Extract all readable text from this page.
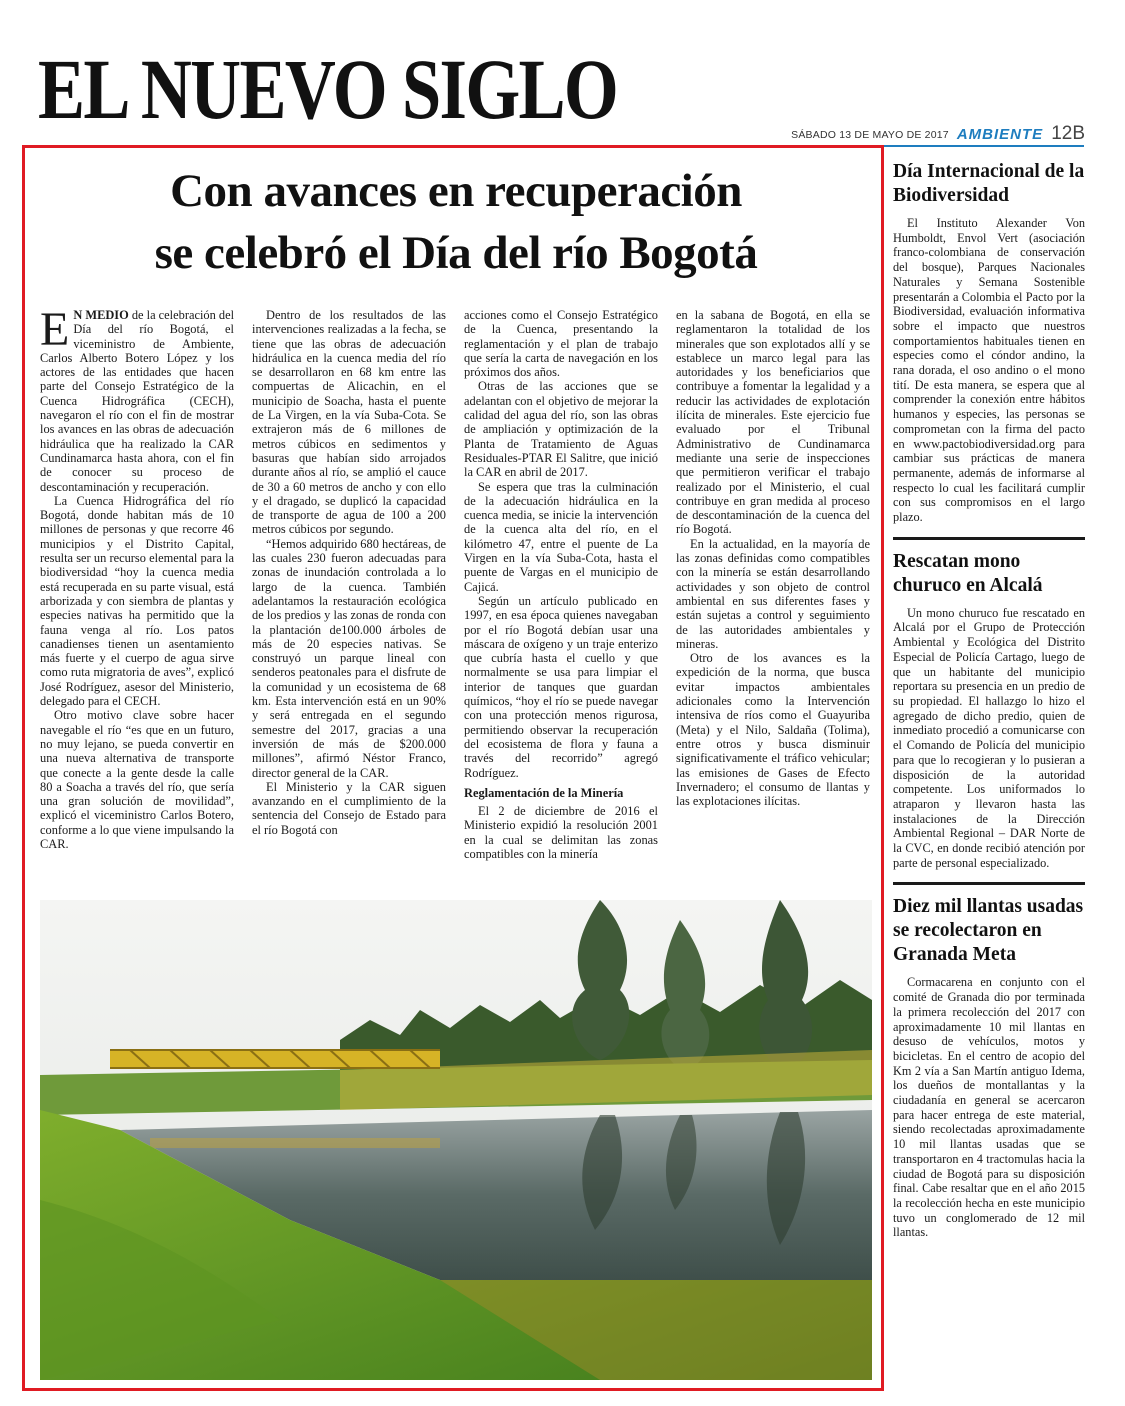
EL NUEVO SIGLO	SÁBADO 13 DE MAYO DE 2017 AMBIENTE 12B
Con avances en recuperación
se celebró el Día del río Bogotá

E N MEDIO de la celebración del Día del río Bogotá, el viceministro de Ambiente, Carlos Alberto Botero López y los actores de las entidades que hacen parte del Consejo Estratégico de la Cuenca Hidrográfica (CECH), navegaron el río con el fin de mostrar los avances en las obras de adecuación hidráulica que ha realizado la CAR Cundinamarca hasta ahora, con el fin de conocer su proceso de descontaminación y recuperación.

La Cuenca Hidrográfica del río Bogotá, donde habitan más de 10 millones de personas y que recorre 46 municipios y el Distrito Capital, resulta ser un recurso elemental para la biodiversidad “hoy la cuenca media está recuperada en su parte visual, está arborizada y con siembra de plantas y especies nativas ha permitido que la fauna venga al río. Los patos canadienses tienen un asentamiento más fuerte y el cuerpo de agua sirve como ruta migratoria de aves”, explicó José Rodríguez, asesor del Ministerio, delegado para el CECH.

Otro motivo clave sobre hacer navegable el río “es que en un futuro, no muy lejano, se pueda convertir en una nueva alternativa de transporte que conecte a la gente desde la calle 80 a Soacha a través del río, que sería una gran solución de movilidad”, explicó el viceministro Carlos Botero, conforme a lo que viene impulsando la CAR.

Dentro de los resultados de las intervenciones realizadas a la fecha, se tiene que las obras de adecuación hidráulica en la cuenca media del río se desarrollaron en 68 km entre las compuertas de Alicachin, en el municipio de Soacha, hasta el puente de La Virgen, en la vía Suba-Cota. Se extrajeron más de 6 millones de metros cúbicos en sedimentos y basuras que habían sido arrojados durante años al río, se amplió el cauce de 30 a 60 metros de ancho y con ello y el dragado, se duplicó la capacidad de transporte de agua de 100 a 200 metros cúbicos por segundo.

“Hemos adquirido 680 hectáreas, de las cuales 230 fueron adecuadas para zonas de inundación controlada a lo largo de la cuenca. También adelantamos la restauración ecológica de los predios y las zonas de ronda con la plantación de100.000 árboles de más de 20 especies nativas. Se construyó un parque lineal con senderos peatonales para el disfrute de la comunidad y un ecosistema de 68 km. Esta intervención está en un 90% y será entregada en el segundo semestre del 2017, gracias a una inversión de más de $200.000 millones”, afirmó Néstor Franco, director general de la CAR.

El Ministerio y la CAR siguen avanzando en el cumplimiento de la sentencia del Consejo de Estado para el río Bogotá con

acciones como el Consejo Estratégico de la Cuenca, presentando la reglamentación y el plan de trabajo que sería la carta de navegación en los próximos dos años.

Otras de las acciones que se adelantan con el objetivo de mejorar la calidad del agua del río, son las obras de ampliación y optimización de la Planta de Tratamiento de Aguas Residuales-PTAR El Salitre, que inició la CAR en abril de 2017.

Se espera que tras la culminación de la adecuación hidráulica en la cuenca media, se inicie la intervención de la cuenca alta del río, en el kilómetro 47, entre el puente de La Virgen en la vía Suba-Cota, hasta el puente de Vargas en el municipio de Cajicá.

Según un artículo publicado en 1997, en esa época quienes navegaban por el río Bogotá debían usar una máscara de oxígeno y un traje enterizo que cubría hasta el cuello y que normalmente se usa para limpiar el interior de tanques que guardan químicos, “hoy el río se puede navegar con una protección menos rigurosa, permitiendo observar la recuperación del ecosistema de flora y fauna a través del recorrido” agregó Rodríguez.

Reglamentación de la Minería

El 2 de diciembre de 2016 el Ministerio expidió la resolución 2001 en la cual se delimitan las zonas compatibles con la minería

en la sabana de Bogotá, en ella se reglamentaron la totalidad de los minerales que son explotados allí y se establece un marco legal para las autoridades y los beneficiarios que contribuye a fomentar la legalidad y a reducir las actividades de explotación ilícita de minerales. Este ejercicio fue evaluado por el Tribunal Administrativo de Cundinamarca mediante una serie de inspecciones que permitieron verificar el trabajo realizado por el Ministerio, el cual contribuye en gran medida al proceso de descontaminación de la cuenca del río Bogotá.

En la actualidad, en la mayoría de las zonas definidas como compatibles con la minería se están desarrollando actividades y son objeto de control ambiental en sus diferentes fases y están sujetas a control y seguimiento de las autoridades ambientales y mineras.

Otro de los avances es la expedición de la norma, que busca evitar impactos ambientales adicionales como la Intervención intensiva de ríos como el Guayuriba (Meta) y el Nilo, Saldaña (Tolima), entre otros y busca disminuir significativamente el tráfico vehicular; las emisiones de Gases de Efecto Invernadero; el consumo de llantas y las explotaciones ilícitas.

Día Internacional de la Biodiversidad

El Instituto Alexander Von Humboldt, Envol Vert (asociación franco-colombiana de conservación del bosque), Parques Nacionales Naturales y Semana Sostenible presentarán a Colombia el Pacto por la Biodiversidad, evaluación informativa sobre el impacto que nuestros comportamientos habituales tienen en especies como el cóndor andino, la rana dorada, el oso andino o el mono tití. De esta manera, se espera que al comprender la conexión entre hábitos humanos y especies, las personas se comprometan con la firma del pacto en www.pactobiodiversidad.org para cambiar sus prácticas de manera permanente, además de informarse al respecto lo cual les facilitará cumplir con sus compromisos en el largo plazo.

Rescatan mono churuco en Alcalá

Un mono churuco fue rescatado en Alcalá por el Grupo de Protección Ambiental y Ecológica del Distrito Especial de Policía Cartago, luego de que un habitante del municipio reportara su presencia en un predio de su propiedad. El hallazgo lo hizo el agregado de dicho predio, quien de inmediato procedió a comunicarse con el Comando de Policía del municipio para que lo recogieran y lo pusieran a disposición de la autoridad competente. Los uniformados lo atraparon y llevaron hasta las instalaciones de la Dirección Ambiental Regional – DAR Norte de la CVC, en donde recibió atención por parte de personal especializado.

Diez mil llantas usadas se recolectaron en Granada Meta

Cormacarena en conjunto con el comité de Granada dio por terminada la primera recolección del 2017 con aproximadamente 10 mil llantas en desuso de vehículos, motos y bicicletas. En el centro de acopio del Km 2 vía a San Martín antiguo Idema, los dueños de montallantas y la ciudadanía en general se acercaron para hacer entrega de este material, siendo recolectadas aproximadamente 10 mil llantas usadas que se transportaron en 4 tractomulas hacia la ciudad de Bogotá para su disposición final. Cabe resaltar que en el año 2015 la recolección hecha en este municipio tuvo un conglomerado de 12 mil llantas.
